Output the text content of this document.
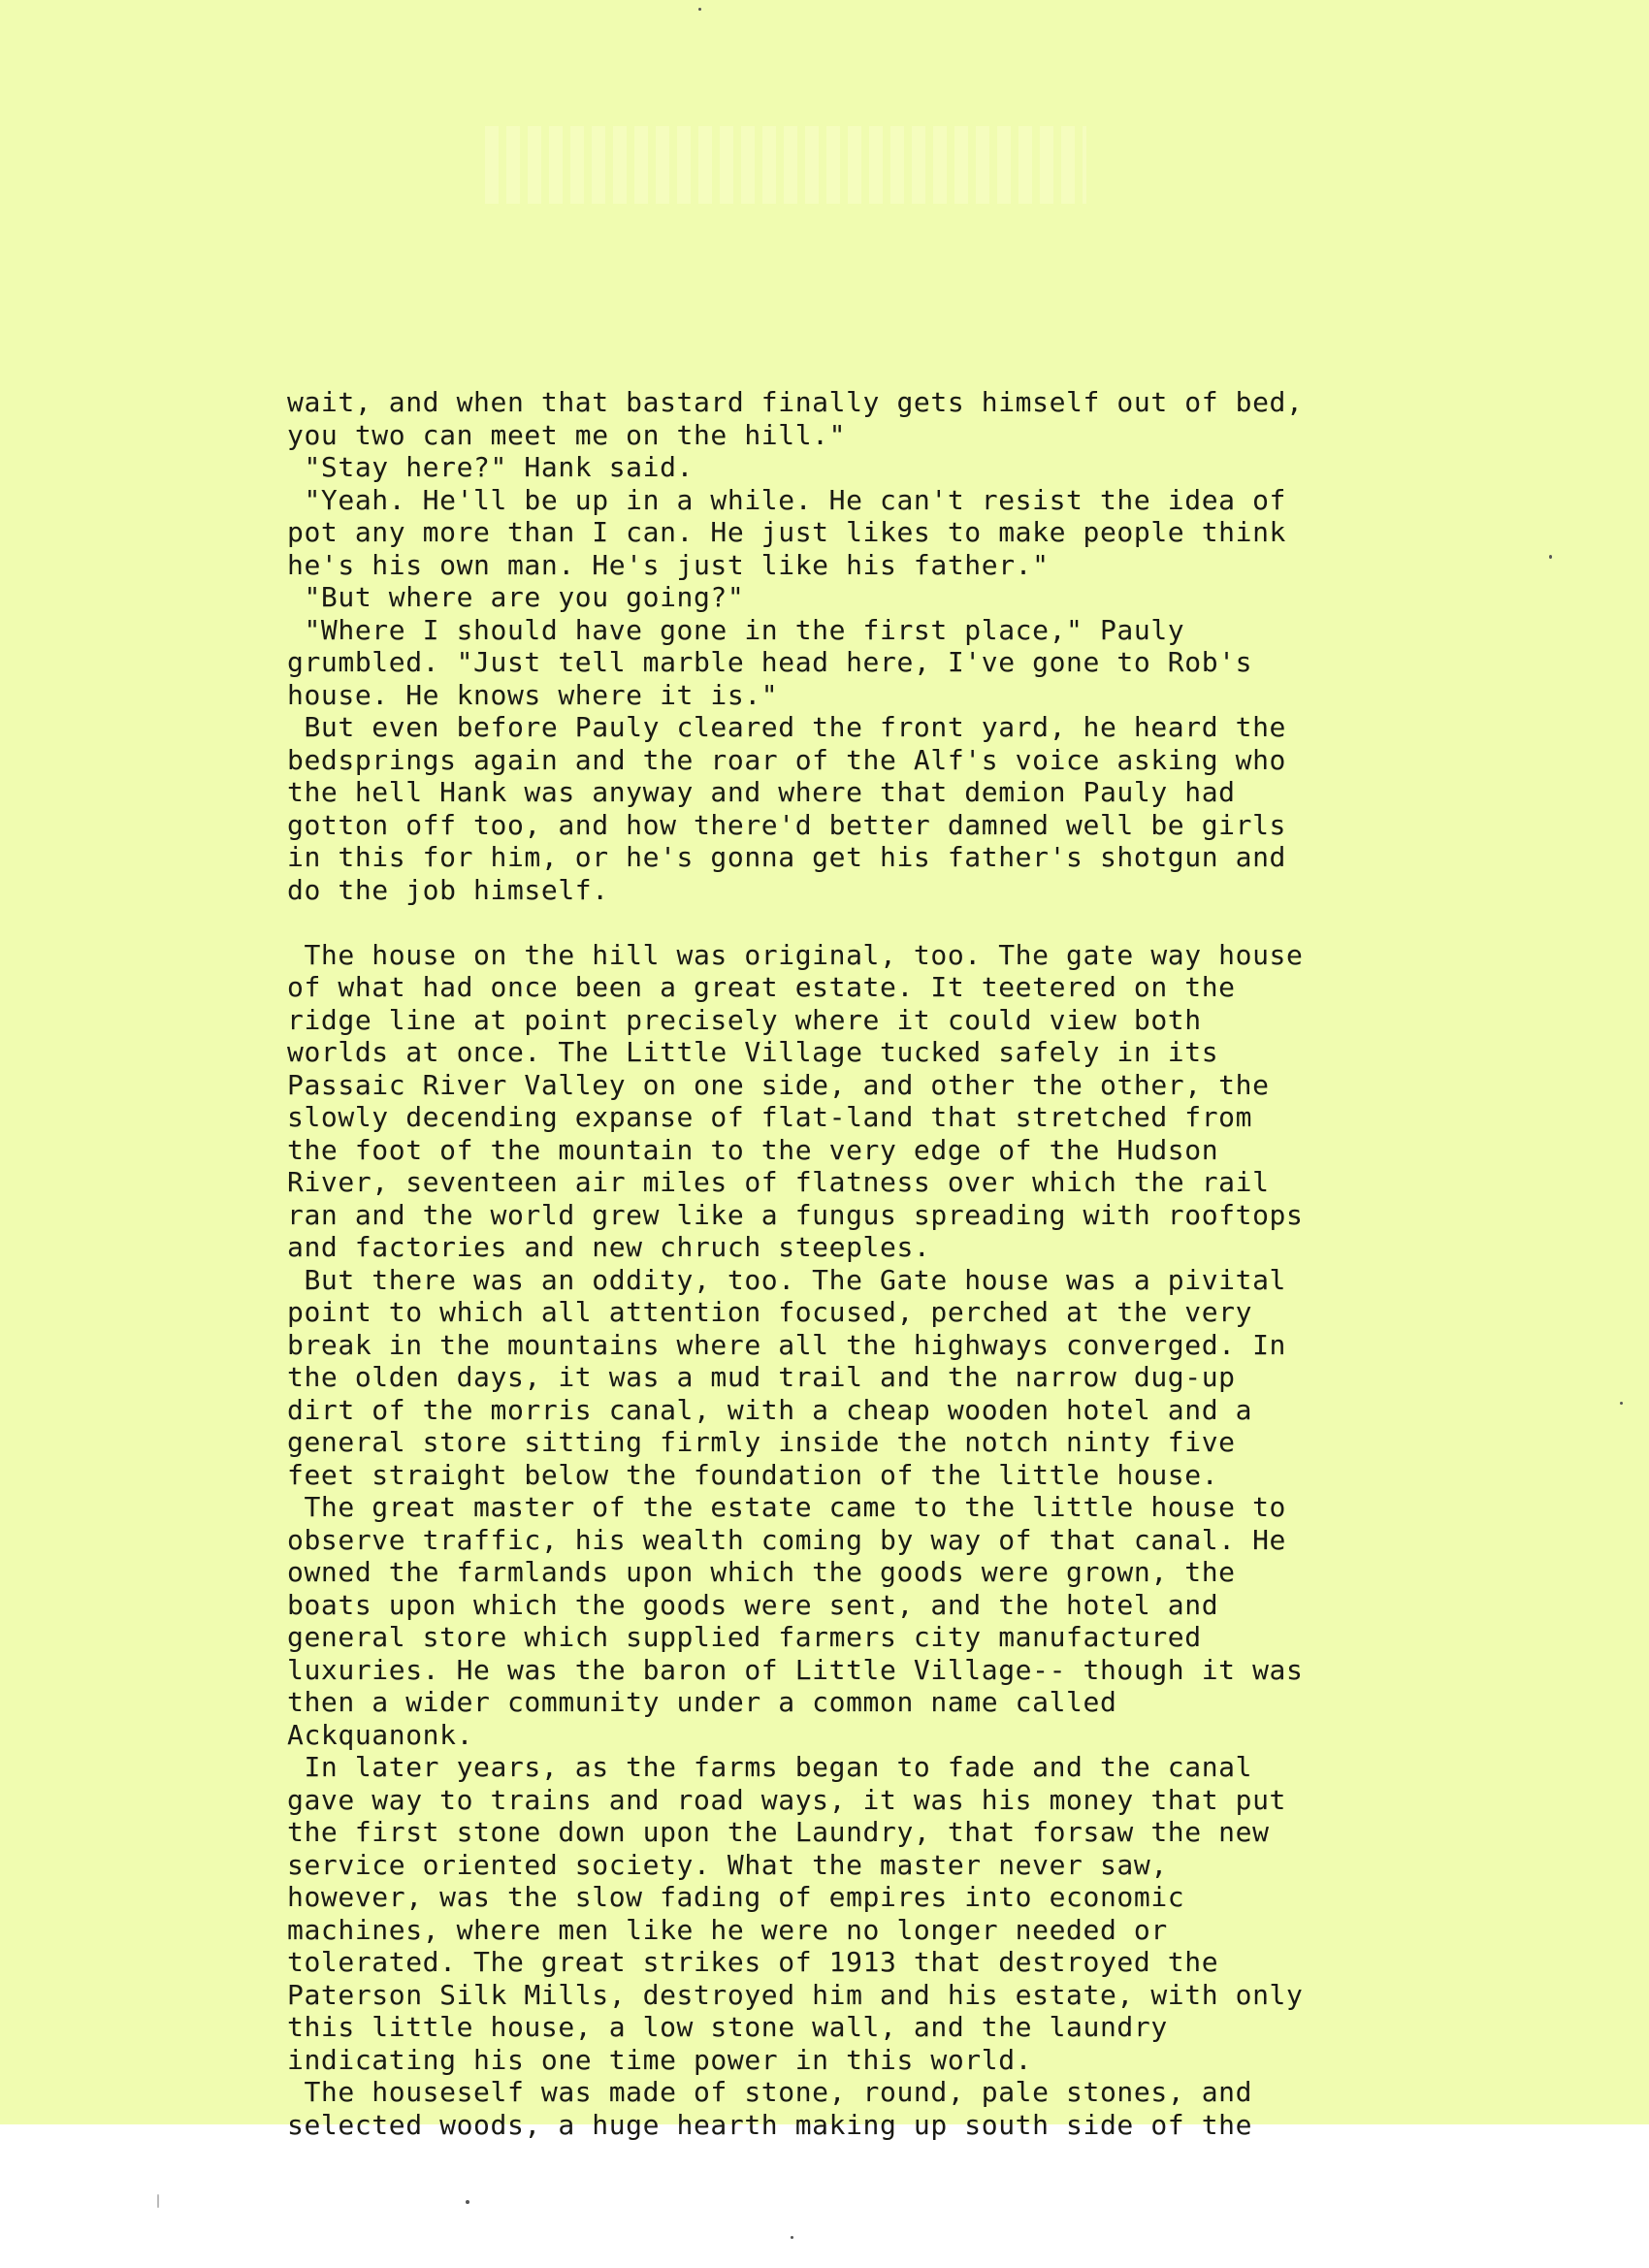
wait, and when that bastard finally gets himself out of bed,
you two can meet me on the hill."
"Stay here?" Hank said.
"Yeah. He'll be up in a while. He can't resist the idea of
pot any more than I can. He just likes to make people think
he's his own man. He's just like his father."
"But where are you going?"
"Where I should have gone in the first place," Pauly
grumbled. "Just tell marble head here, I've gone to Rob's
house. He knows where it is."
But even before Pauly cleared the front yard, he heard the
bedsprings again and the roar of the Alf's voice asking who
the hell Hank was anyway and where that demion Pauly had
gotton off too, and how there'd better damned well be girls
in this for him, or he's gonna get his father's shotgun and
do the job himself.
The house on the hill was original, too. The gate way house
of what had once been a great estate. It teetered on the
ridge line at point precisely where it could view both
worlds at once. The Little Village tucked safely in its
Passaic River Valley on one side, and other the other, the
slowly decending expanse of flat-land that stretched from
the foot of the mountain to the very edge of the Hudson
River, seventeen air miles of flatness over which the rail
ran and the world grew like a fungus spreading with rooftops
and factories and new chruch steeples.
But there was an oddity, too. The Gate house was a pivital
point to which all attention focused, perched at the very
break in the mountains where all the highways converged. In
the olden days, it was a mud trail and the narrow dug-up
dirt of the morris canal, with a cheap wooden hotel and a
general store sitting firmly inside the notch ninty five
feet straight below the foundation of the little house.
The great master of the estate came to the little house to
observe traffic, his wealth coming by way of that canal. He
owned the farmlands upon which the goods were grown, the
boats upon which the goods were sent, and the hotel and
general store which supplied farmers city manufactured
luxuries. He was the baron of Little Village-- though it was
then a wider community under a common name called
Ackquanonk.
In later years, as the farms began to fade and the canal
gave way to trains and road ways, it was his money that put
the first stone down upon the Laundry, that forsaw the new
service oriented society. What the master never saw,
however, was the slow fading of empires into economic
machines, where men like he were no longer needed or
tolerated. The great strikes of 1913 that destroyed the
Paterson Silk Mills, destroyed him and his estate, with only
this little house, a low stone wall, and the laundry
indicating his one time power in this world.
The houseself was made of stone, round, pale stones, and
selected woods, a huge hearth making up south side of the
